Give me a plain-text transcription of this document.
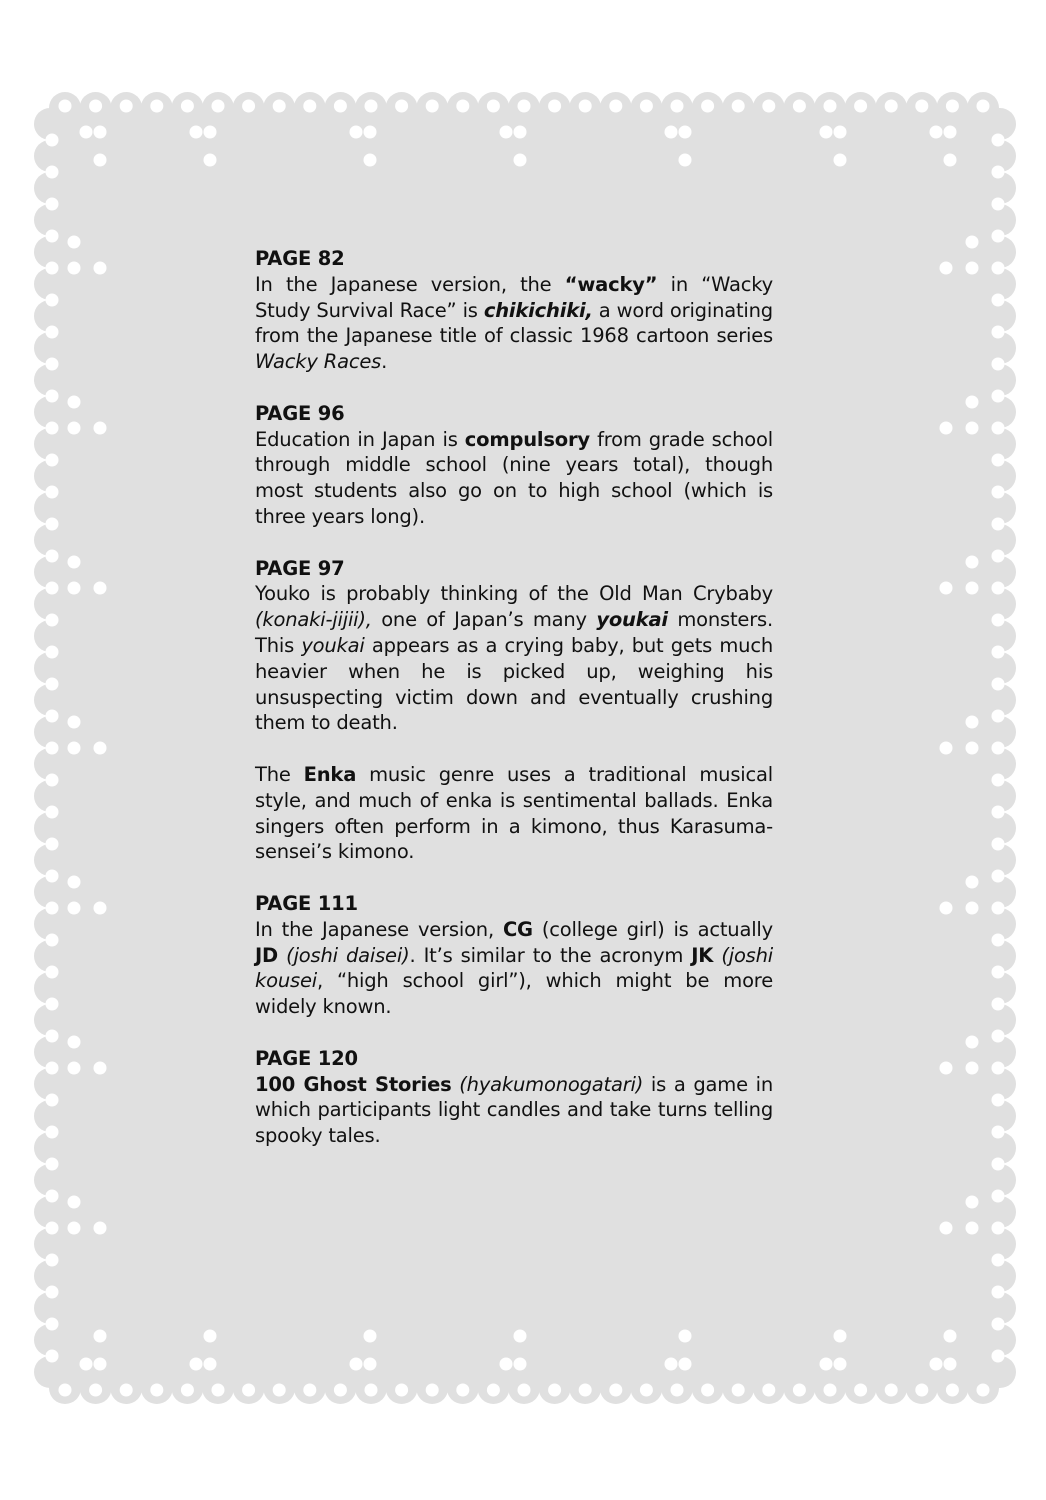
PAGE 82

In the Japanese version, the “wacky” in “Wacky Study Survival Race” is chikichiki, a word originating from the Japanese title of classic 1968 cartoon series Wacky Races.

PAGE 96

Education in Japan is compulsory from grade school through middle school (nine years total), though most students also go on to high school (which is three years long).

PAGE 97

Youko is probably thinking of the Old Man Crybaby (konaki-jijii), one of Japan’s many youkai monsters. This youkai appears as a crying baby, but gets much heavier when he is picked up, weighing his unsuspecting victim down and eventually crushing them to death.

The Enka music genre uses a traditional musical style, and much of enka is sentimental ballads. Enka singers often perform in a kimono, thus Karasuma-sensei’s kimono.

PAGE 111

In the Japanese version, CG (college girl) is actually JD (joshi daisei). It’s similar to the acronym JK (joshi kousei, “high school girl”), which might be more widely known.

PAGE 120

100 Ghost Stories (hyakumonogatari) is a game in which participants light candles and take turns telling spooky tales.
